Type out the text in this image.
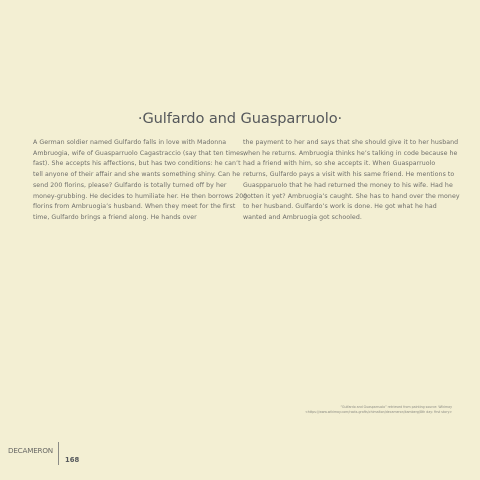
·Gulfardo and Guasparruolo·

A German soldier named Gulfardo falls in love with Madonna Ambruogia, wife of Guasparruolo Cagastraccio (say that ten times, fast). She accepts his affections, but has two conditions: he can’t tell anyone of their affair and she wants something shiny. Can he send 200 florins, please? Gulfardo is totally turned off by her money-grubbing. He decides to humiliate her. He then borrows 200 florins from Ambruogia’s husband. When they meet for the first time, Gulfardo brings a friend along. He hands over

the payment to her and says that she should give it to her husband when he returns. Ambruogia thinks he’s talking in code because he had a friend with him, so she accepts it. When Guasparruolo returns, Gulfardo pays a visit with his same friend. He mentions to Guaspparuolo that he had returned the money to his wife. Had he gotten it yet? Ambruogia’s caught. She has to hand over the money to her husband. Gulfardo’s work is done. He got what he had wanted and Ambruogia got schooled.

“Gulfardo and Guasparruolo” retrieved from painting source: Wikimay
<https://www.wikimay.com/roots-grafts/chimalton/decameron/kamberg/8th day: first story>
DECAMERON
168
